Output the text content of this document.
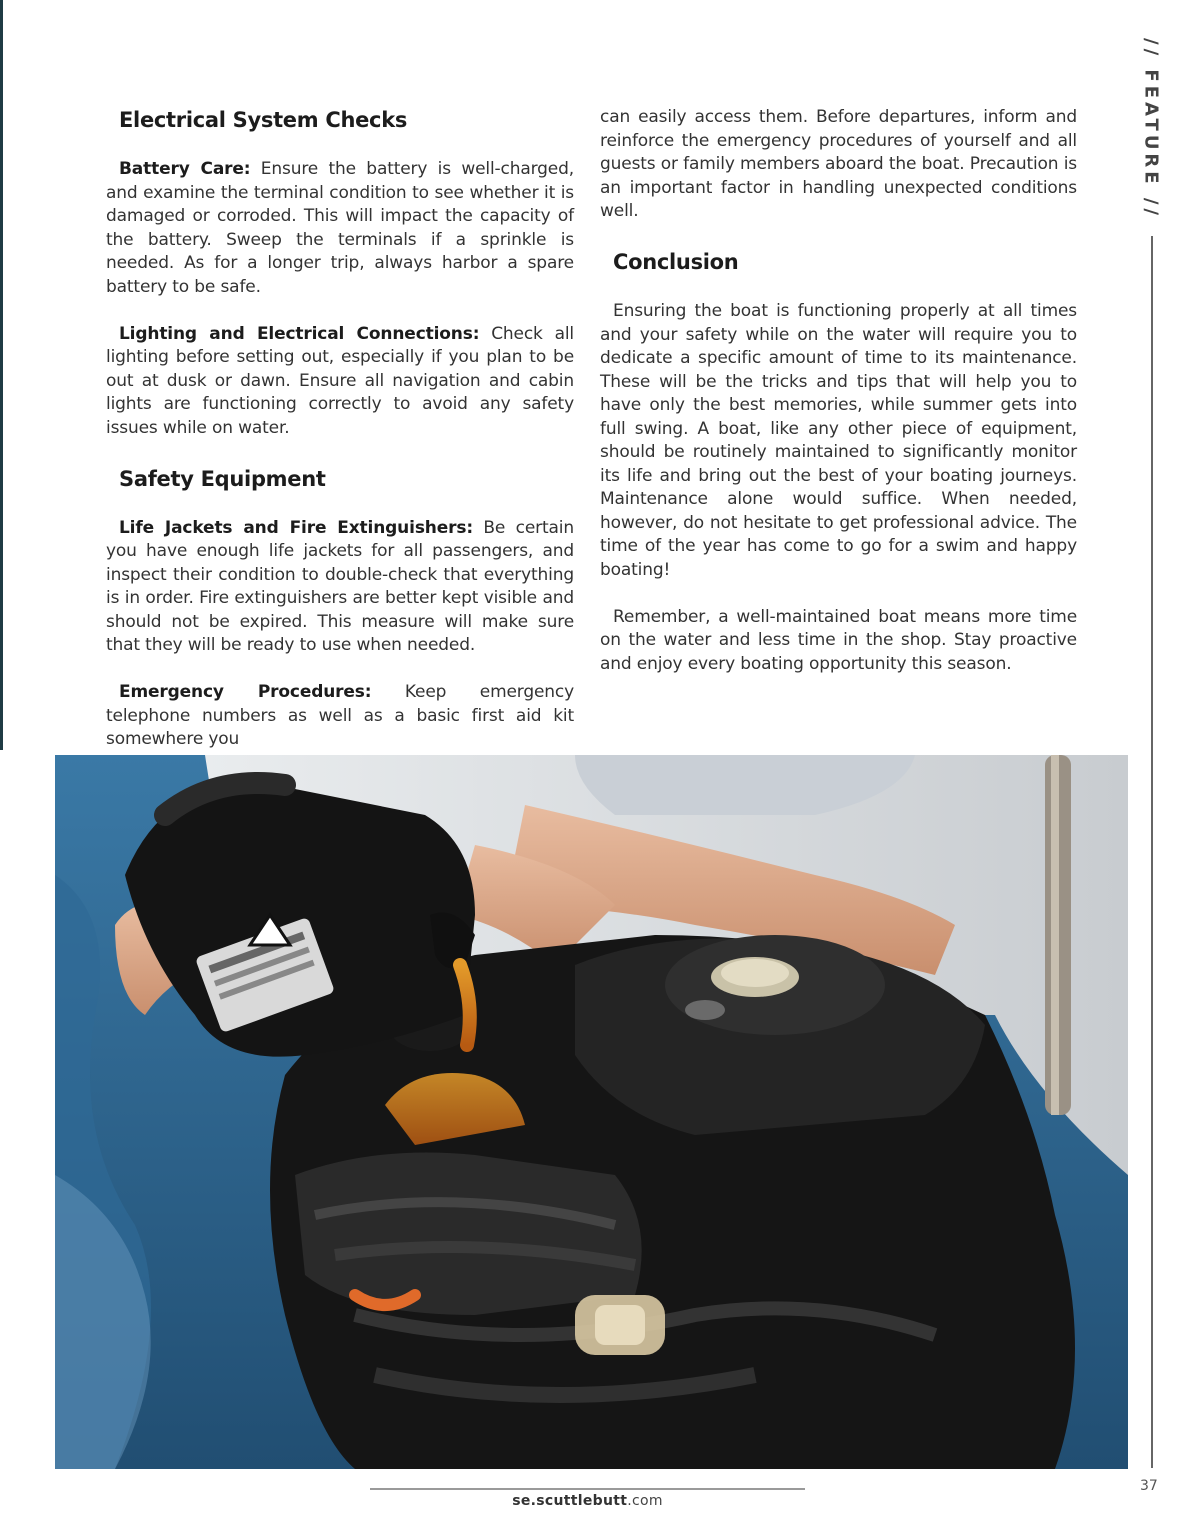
// FEATURE //
Electrical System Checks

Battery Care: Ensure the battery is well-charged, and examine the terminal condition to see whether it is damaged or corroded. This will impact the capacity of the battery. Sweep the terminals if a sprinkle is needed. As for a longer trip, always harbor a spare battery to be safe.

Lighting and Electrical Connections: Check all lighting before setting out, especially if you plan to be out at dusk or dawn. Ensure all navigation and cabin lights are functioning correctly to avoid any safety issues while on water.

Safety Equipment

Life Jackets and Fire Extinguishers: Be certain you have enough life jackets for all passengers, and inspect their condition to double-check that everything is in order. Fire extinguishers are better kept visible and should not be expired. This measure will make sure that they will be ready to use when needed.

Emergency Procedures: Keep emergency telephone numbers as well as a basic first aid kit somewhere you

can easily access them. Before departures, inform and reinforce the emergency procedures of yourself and all guests or family members aboard the boat. Precaution is an important factor in handling unexpected conditions well.

Conclusion

Ensuring the boat is functioning properly at all times and your safety while on the water will require you to dedicate a specific amount of time to its maintenance. These will be the tricks and tips that will help you to have only the best memories, while summer gets into full swing. A boat, like any other piece of equipment, should be routinely maintained to significantly monitor its life and bring out the best of your boating journeys. Maintenance alone would suffice. When needed, however, do not hesitate to get professional advice. The time of the year has come to go for a swim and happy boating!

Remember, a well-maintained boat means more time on the water and less time in the shop. Stay proactive and enjoy every boating opportunity this season.

37
se.scuttlebutt.com
